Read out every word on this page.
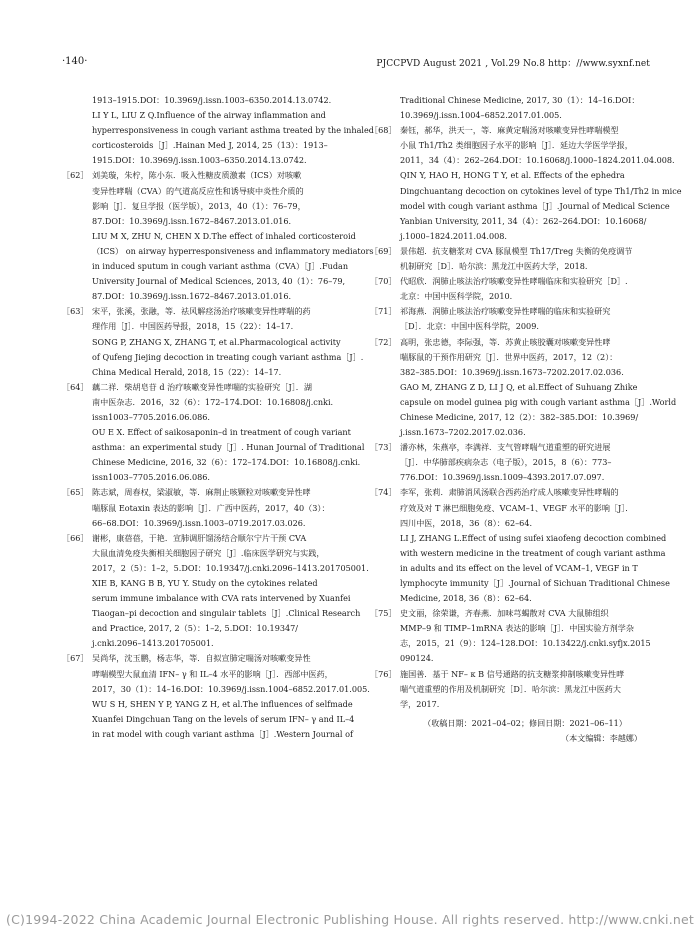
·140·	PJCCPVD August 2021 , Vol.29 No.8 http：//www.syxnf.net
1913–1915.DOI：10.3969/j.issn.1003–6350.2014.13.0742.
LI Y L, LIU Z Q.Influence of the airway inflammation and
hyperresponsiveness in cough variant asthma treated by the inhaled
corticosteroids［J］.Hainan Med J, 2014, 25（13）：1913–
1915.DOI：10.3969/j.issn.1003–6350.2014.13.0742.
［62］ 刘美璇，朱柠，陈小东．吸入性糖皮质激素（ICS）对咳嗽
变异性哮喘（CVA）的气道高反应性和诱导痰中炎性介质的
影响［J］．复旦学报（医学版），2013，40（1）：76–79，
87.DOI：10.3969/j.issn.1672–8467.2013.01.016.
LIU M X, ZHU N, CHEN X D.The effect of inhaled corticosteroid
（ICS） on airway hyperresponsiveness and inflammatory mediators
in induced sputum in cough variant asthma（CVA）［J］.Fudan
University Journal of Medical Sciences, 2013, 40（1）：76–79,
87.DOI：10.3969/j.issn.1672–8467.2013.01.016.
［63］ 宋平，张溪，张融，等．祛风解痉汤治疗咳嗽变异性哮喘的药
理作用［J］．中国医药导报，2018，15（22）：14–17.
SONG P, ZHANG X, ZHANG T, et al.Pharmacological activity
of Qufeng Jiejing decoction in treating cough variant asthma［J］.
China Medical Herald, 2018, 15（22）：14–17.
［64］ 藕二祥．柴胡皂苷 d 治疗咳嗽变异性哮喘的实验研究［J］．湖
南中医杂志．2016，32（6）：172–174.DOI：10.16808/j.cnki.
issn1003–7705.2016.06.086.
OU E X. Effect of saikosaponin–d in treatment of cough variant
asthma：an experimental study［J］. Hunan Journal of Traditional
Chinese Medicine, 2016, 32（6）：172–174.DOI：10.16808/j.cnki.
issn1003–7705.2016.06.086.
［65］ 陈志斌，周春权，梁淑敏，等．麻荆止咳颗粒对咳嗽变异性哮
喘豚鼠 Eotaxin 表达的影响［J］．广西中医药，2017，40（3）：
66–68.DOI：10.3969/j.issn.1003–0719.2017.03.026.
［66］ 谢彬，康蓓蓓，于艳．宣肺调肝馏汤结合顺尔宁片干预 CVA
大鼠血清免疫失衡相关细胞因子研究［J］.临床医学研究与实践，
2017，2（5）：1–2，5.DOI：10.19347/j.cnki.2096–1413.201705001.
XIE B, KANG B B, YU Y. Study on the cytokines related
serum immune imbalance with CVA rats intervened by Xuanfei
Tiaogan–pi decoction and singulair tablets［J］.Clinical Research
and Practice, 2017, 2（5）：1–2, 5.DOI：10.19347/
j.cnki.2096–1413.201705001.
［67］ 吴尚华，沈玉鹏，杨志华，等．自拟宣肺定喘汤对咳嗽变异性
哮喘模型大鼠血清 IFN– γ 和 IL–4 水平的影响［J］．西部中医药，
2017，30（1）：14–16.DOI：10.3969/j.issn.1004–6852.2017.01.005.
WU S H, SHEN Y P, YANG Z H, et al.The influences of selfmade
Xuanfei Dingchuan Tang on the levels of serum IFN– γ and IL–4
in rat model with cough variant asthma［J］.Western Journal of
Traditional Chinese Medicine, 2017, 30（1）：14–16.DOI：
10.3969/j.issn.1004–6852.2017.01.005.
［68］ 秦钰，郝华，洪天一，等．麻黄定喘汤对咳嗽变异性哮喘模型
小鼠 Th1/Th2 类细胞因子水平的影响［J］．延边大学医学学报，
2011，34（4）：262–264.DOI：10.16068/j.1000–1824.2011.04.008.
QIN Y, HAO H, HONG T Y, et al. Effects of the ephedra
Dingchuantang decoction on cytokines level of type Th1/Th2 in mice
model with cough variant asthma［J］.Journal of Medical Science
Yanbian University, 2011, 34（4）：262–264.DOI：10.16068/
j.1000–1824.2011.04.008.
［69］ 景伟超．抗支糖浆对 CVA 豚鼠模型 Th17/Treg 失衡的免疫调节
机制研究［D］．哈尔滨：黑龙江中医药大学，2018.
［70］ 代昭欣．润肺止咳法治疗咳嗽变异性哮喘临床和实验研究［D］.
北京：中国中医科学院，2010.
［71］ 祁海燕．润肺止咳法治疗咳嗽变异性哮喘的临床和实验研究
［D］．北京：中国中医科学院，2009.
［72］ 高明，张忠德，李际强，等．苏黄止咳胶囊对咳嗽变异性哮
喘豚鼠的干预作用研究［J］．世界中医药，2017，12（2）：
382–385.DOI：10.3969/j.issn.1673–7202.2017.02.036.
GAO M, ZHANG Z D, LI J Q, et al.Effect of Suhuang Zhike
capsule on model guinea pig with cough variant asthma［J］.World
Chinese Medicine, 2017, 12（2）：382–385.DOI：10.3969/
j.issn.1673–7202.2017.02.036.
［73］ 潘亦林，朱燕亭，李满祥．支气管哮喘气道重塑的研究进展
［J］．中华肺部疾病杂志（电子版），2015，8（6）：773–
776.DOI：10.3969/j.issn.1009–4393.2017.07.097.
［74］ 李军，张莉．肃肺消风汤联合西药治疗成人咳嗽变异性哮喘的
疗效及对 T 淋巴细胞免疫、VCAM–1、VEGF 水平的影响［J］．
四川中医，2018，36（8）：62–64.
LI J, ZHANG L.Effect of using sufei xiaofeng decoction combined
with western medicine in the treatment of cough variant asthma
in adults and its effect on the level of VCAM–1, VEGF in T
lymphocyte immunity［J］.Journal of Sichuan Traditional Chinese
Medicine, 2018, 36（8）：62–64.
［75］ 史文丽，徐荣谦，齐春燕．加味芎蝎散对 CVA 大鼠肺组织
MMP–9 和 TIMP–1mRNA 表达的影响［J］．中国实验方剂学杂
志，2015，21（9）：124–128.DOI：10.13422/j.cnki.syfjx.2015
090124.
［76］ 施国善．基于 NF– κ B 信号通路的抗支糖浆抑制咳嗽变异性哮
喘气道重塑的作用及机制研究［D］．哈尔滨：黑龙江中医药大
学，2017.
（收稿日期：2021–04–02；修回日期：2021–06–11）
（本文编辑：李越娜）
(C)1994-2022 China Academic Journal Electronic Publishing House. All rights reserved. http://www.cnki.net
